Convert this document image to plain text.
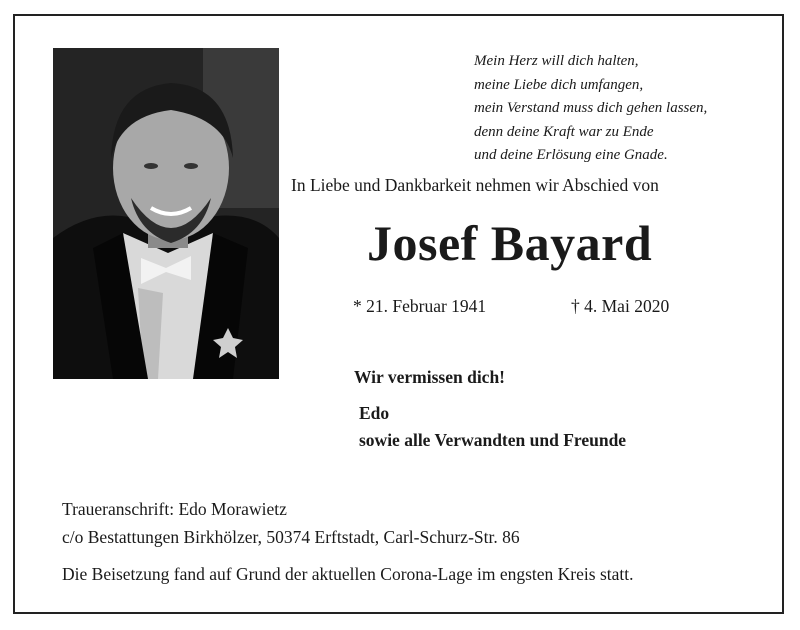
Mein Herz will dich halten,
meine Liebe dich umfangen,
mein Verstand muss dich gehen lassen,
denn deine Kraft war zu Ende
und deine Erlösung eine Gnade.
In Liebe und Dankbarkeit nehmen wir Abschied von
Josef Bayard
* 21. Februar 1941	† 4. Mai 2020
Wir vermissen dich!
Edo
sowie alle Verwandten und Freunde
Traueranschrift: Edo Morawietz
c/o Bestattungen Birkhölzer, 50374 Erftstadt, Carl-Schurz-Str. 86
Die Beisetzung fand auf Grund der aktuellen Corona-Lage im engsten Kreis statt.
